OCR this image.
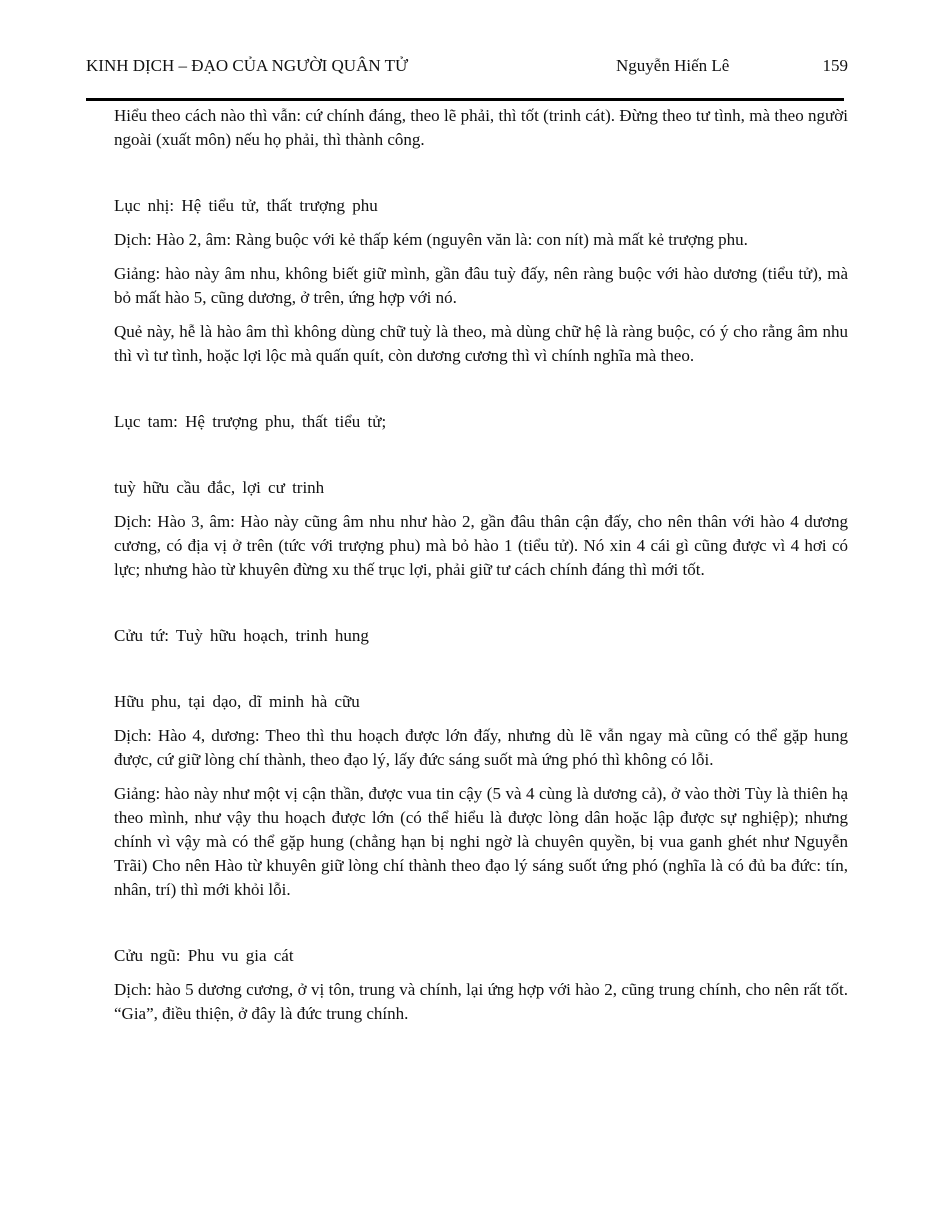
KINH DỊCH – ĐẠO CỦA NGƯỜI QUÂN TỬ	Nguyễn Hiến Lê	159

Hiểu theo cách nào thì vẫn: cứ chính đáng, theo lẽ phải, thì tốt (trinh cát). Đừng theo tư tình, mà theo người ngoài (xuất môn) nếu họ phải, thì thành công.

Lục nhị: Hệ tiểu tử, thất trượng phu

Dịch: Hào 2, âm: Ràng buộc với kẻ thấp kém (nguyên văn là: con nít) mà mất kẻ trượng phu.

Giảng: hào này âm nhu, không biết giữ mình, gần đâu tuỳ đấy, nên ràng buộc với hào dương (tiểu tử), mà bỏ mất hào 5, cũng dương, ở trên, ứng hợp với nó.

Quẻ này, hễ là hào âm thì không dùng chữ tuỳ là theo, mà dùng chữ hệ là ràng buộc, có ý cho rằng âm nhu thì vì tư tình, hoặc lợi lộc mà quấn quít, còn dương cương thì vì chính nghĩa mà theo.

Lục tam: Hệ trượng phu, thất tiểu tử;

tuỳ hữu cầu đắc, lợi cư trinh

Dịch: Hào 3, âm: Hào này cũng âm nhu như hào 2, gần đâu thân cận đấy, cho nên thân với hào 4 dương cương, có địa vị ở trên (tức với trượng phu) mà bỏ hào 1 (tiểu tử). Nó xin 4 cái gì cũng được vì 4 hơi có lực; nhưng hào từ khuyên đừng xu thế trục lợi, phải giữ tư cách chính đáng thì mới tốt.

Cửu tứ: Tuỳ hữu hoạch, trinh hung

Hữu phu, tại dạo, dĩ minh hà cữu

Dịch: Hào 4, dương: Theo thì thu hoạch được lớn đấy, nhưng dù lẽ vẫn ngay mà cũng có thể gặp hung được, cứ giữ lòng chí thành, theo đạo lý, lấy đức sáng suốt mà ứng phó thì không có lỗi.

Giảng: hào này như một vị cận thần, được vua tin cậy (5 và 4 cùng là dương cả), ở vào thời Tùy là thiên hạ theo mình, như vậy thu hoạch được lớn (có thể hiểu là được lòng dân hoặc lập được sự nghiệp); nhưng chính vì vậy mà có thể gặp hung (chẳng hạn bị nghi ngờ là chuyên quyền, bị vua ganh ghét như Nguyễn Trãi) Cho nên Hào từ khuyên giữ lòng chí thành theo đạo lý sáng suốt ứng phó (nghĩa là có đủ ba đức: tín, nhân, trí) thì mới khỏi lỗi.

Cửu ngũ: Phu vu gia cát

Dịch: hào 5 dương cương, ở vị tôn, trung và chính, lại ứng hợp với hào 2, cũng trung chính, cho nên rất tốt. “Gia”, điều thiện, ở đây là đức trung chính.
